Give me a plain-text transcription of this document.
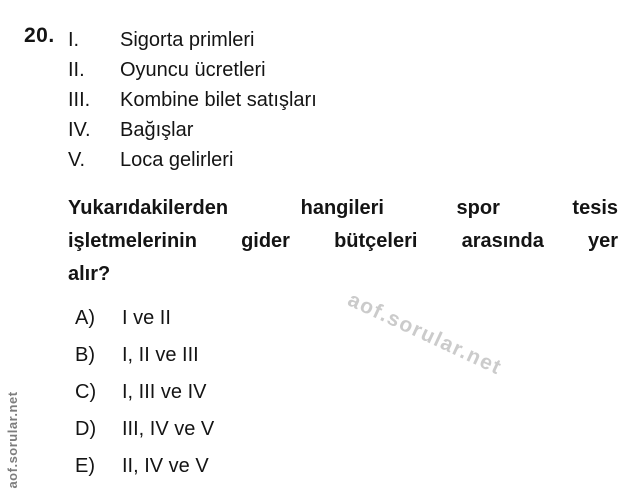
20. I.	Sigorta primleri
II.	Oyuncu ücretleri
III.	Kombine bilet satışları
IV.	Bağışlar
V.	Loca gelirleri
Yukarıdakilerden hangileri spor tesis
işletmelerinin gider bütçeleri arasında yer
alır?
A)	I ve II
B)	I, II ve III
C)	I, III ve IV
D)	III, IV ve V
E)	II, IV ve V
aof.sorular.net
aof.sorular.net
